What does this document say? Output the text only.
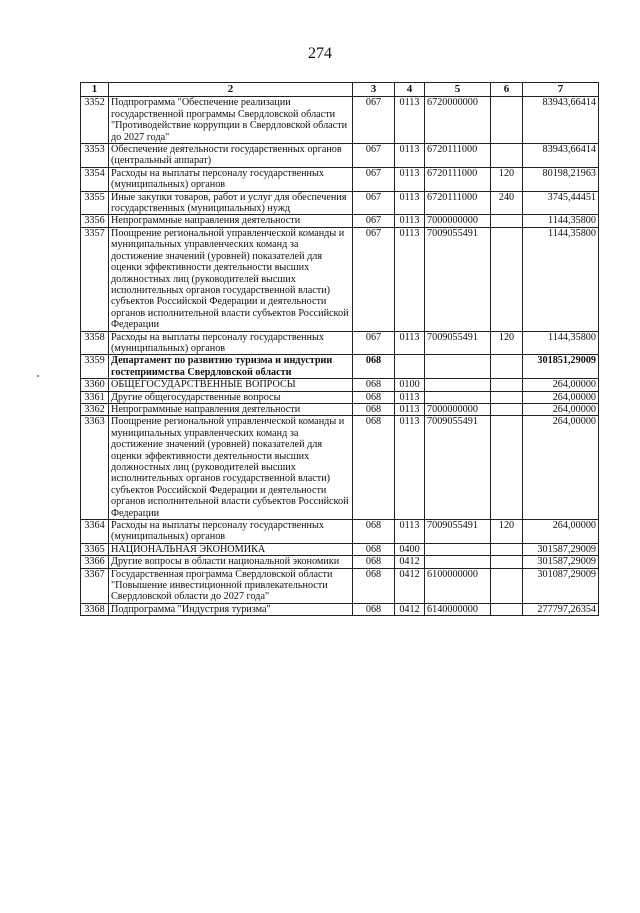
274
1	2	3	4	5	6	7
3352	Подпрограмма "Обеспечение реализации государственной программы Свердловской области "Противодействие коррупции в Свердловской области до 2027 года"	067	0113	6720000000		83943,66414
3353	Обеспечение деятельности государственных органов (центральный аппарат)	067	0113	6720111000		83943,66414
3354	Расходы на выплаты персоналу государственных (муниципальных) органов	067	0113	6720111000	120	80198,21963
3355	Иные закупки товаров, работ и услуг для обеспечения государственных (муниципальных) нужд	067	0113	6720111000	240	3745,44451
3356	Непрограммные направления деятельности	067	0113	7000000000		1144,35800
3357	Поощрение региональной управленческой команды и муниципальных управленческих команд за достижение значений (уровней) показателей для оценки эффективности деятельности высших должностных лиц (руководителей высших исполнительных органов государственной власти) субъектов Российской Федерации и деятельности органов исполнительной власти субъектов Российской Федерации	067	0113	7009055491		1144,35800
3358	Расходы на выплаты персоналу государственных (муниципальных) органов	067	0113	7009055491	120	1144,35800
3359	Департамент по развитию туризма и индустрии гостеприимства Свердловской области	068				301851,29009
3360	ОБЩЕГОСУДАРСТВЕННЫЕ ВОПРОСЫ	068	0100			264,00000
3361	Другие общегосударственные вопросы	068	0113			264,00000
3362	Непрограммные направления деятельности	068	0113	7000000000		264,00000
3363	Поощрение региональной управленческой команды и муниципальных управленческих команд за достижение значений (уровней) показателей для оценки эффективности деятельности высших должностных лиц (руководителей высших исполнительных органов государственной власти) субъектов Российской Федерации и деятельности органов исполнительной власти субъектов Российской Федерации	068	0113	7009055491		264,00000
3364	Расходы на выплаты персоналу государственных (муниципальных) органов	068	0113	7009055491	120	264,00000
3365	НАЦИОНАЛЬНАЯ ЭКОНОМИКА	068	0400			301587,29009
3366	Другие вопросы в области национальной экономики	068	0412			301587,29009
3367	Государственная программа Свердловской области "Повышение инвестиционной привлекательности Свердловской области до 2027 года"	068	0412	6100000000		301087,29009
3368	Подпрограмма "Индустрия туризма"	068	0412	6140000000		277797,26354
